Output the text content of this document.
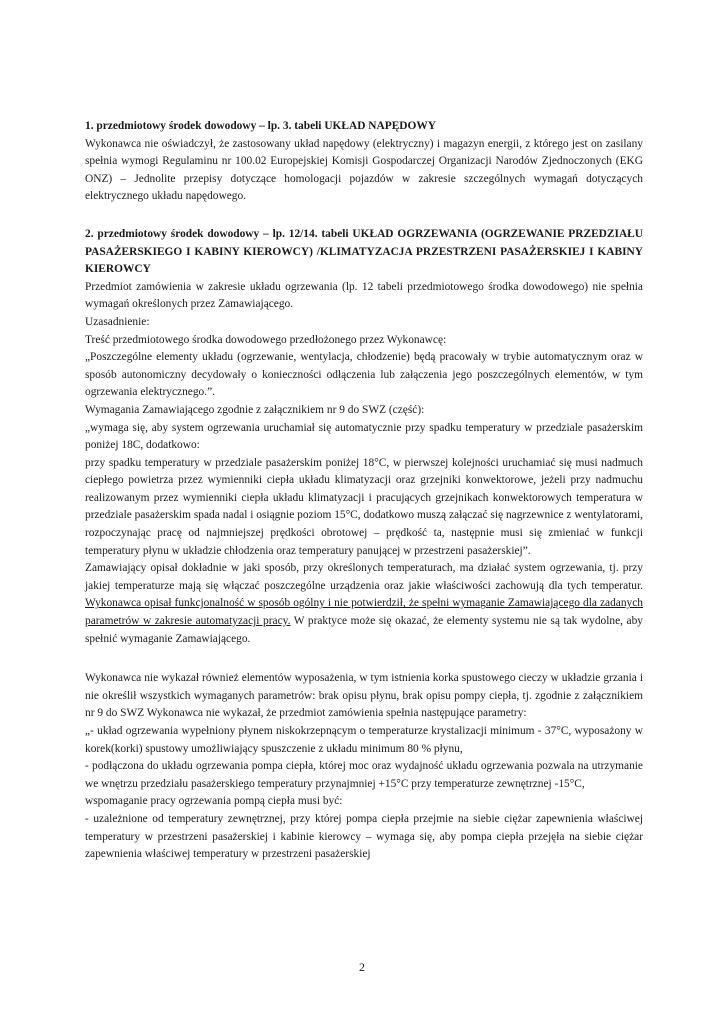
1. przedmiotowy środek dowodowy – lp. 3. tabeli UKŁAD NAPĘDOWY

Wykonawca nie oświadczył, że zastosowany układ napędowy (elektryczny) i magazyn energii, z którego jest on zasilany spełnia wymogi Regulaminu nr 100.02 Europejskiej Komisji Gospodarczej Organizacji Narodów Zjednoczonych (EKG ONZ) – Jednolite przepisy dotyczące homologacji pojazdów w zakresie szczególnych wymagań dotyczących elektrycznego układu napędowego.

2. przedmiotowy środek dowodowy – lp. 12/14. tabeli UKŁAD OGRZEWANIA (OGRZEWANIE PRZEDZIAŁU PASAŻERSKIEGO I KABINY KIEROWCY) /KLIMATYZACJA PRZESTRZENI PASAŻERSKIEJ I KABINY KIEROWCY

Przedmiot zamówienia w zakresie układu ogrzewania (lp. 12 tabeli przedmiotowego środka dowodowego) nie spełnia wymagań określonych przez Zamawiającego.

Uzasadnienie:

Treść przedmiotowego środka dowodowego przedłożonego przez Wykonawcę:

„Poszczególne elementy układu (ogrzewanie, wentylacja, chłodzenie) będą pracowały w trybie automatycznym oraz w sposób autonomiczny decydowały o konieczności odłączenia lub załączenia jego poszczególnych elementów, w tym ogrzewania elektrycznego.”.

Wymagania Zamawiającego zgodnie z załącznikiem nr 9 do SWZ (część):

„wymaga się, aby system ogrzewania uruchamiał się automatycznie przy spadku temperatury w przedziale pasażerskim poniżej 18C, dodatkowo:

przy spadku temperatury w przedziale pasażerskim poniżej 18°C, w pierwszej kolejności uruchamiać się musi nadmuch ciepłego powietrza przez wymienniki ciepła układu klimatyzacji oraz grzejniki konwektorowe, jeżeli przy nadmuchu realizowanym przez wymienniki ciepła układu klimatyzacji i pracujących grzejnikach konwektorowych temperatura w przedziale pasażerskim spada nadal i osiągnie poziom 15°C, dodatkowo muszą załączać się nagrzewnice z wentylatorami, rozpoczynając pracę od najmniejszej prędkości obrotowej – prędkość ta, następnie musi się zmieniać w funkcji temperatury płynu w układzie chłodzenia oraz temperatury panującej w przestrzeni pasażerskiej”.

Zamawiający opisał dokładnie w jaki sposób, przy określonych temperaturach, ma działać system ogrzewania, tj. przy jakiej temperaturze mają się włączać poszczególne urządzenia oraz jakie właściwości zachowują dla tych temperatur. Wykonawca opisał funkcjonalność w sposób ogólny i nie potwierdził, że spełni wymaganie Zamawiającego dla zadanych parametrów w zakresie automatyzacji pracy. W praktyce może się okazać, że elementy systemu nie są tak wydolne, aby spełnić wymaganie Zamawiającego.

Wykonawca nie wykazał również elementów wyposażenia, w tym istnienia korka spustowego cieczy w układzie grzania i nie określił wszystkich wymaganych parametrów: brak opisu płynu, brak opisu pompy ciepła, tj. zgodnie z załącznikiem nr 9 do SWZ Wykonawca nie wykazał, że przedmiot zamówienia spełnia następujące parametry:

„- układ ogrzewania wypełniony płynem niskokrzepnącym o temperaturze krystalizacji minimum - 37°C, wyposażony w korek(korki) spustowy umożliwiający spuszczenie z układu minimum 80 % płynu,

- podłączona do układu ogrzewania pompa ciepła, której moc oraz wydajność układu ogrzewania pozwala na utrzymanie we wnętrzu przedziału pasażerskiego temperatury przynajmniej +15°C przy temperaturze zewnętrznej -15°C,

wspomaganie pracy ogrzewania pompą ciepła musi być:

- uzależnione od temperatury zewnętrznej, przy której pompa ciepła przejmie na siebie ciężar zapewnienia właściwej temperatury w przestrzeni pasażerskiej i kabinie kierowcy – wymaga się, aby pompa ciepła przejęła na siebie ciężar zapewnienia właściwej temperatury w przestrzeni pasażerskiej

2
